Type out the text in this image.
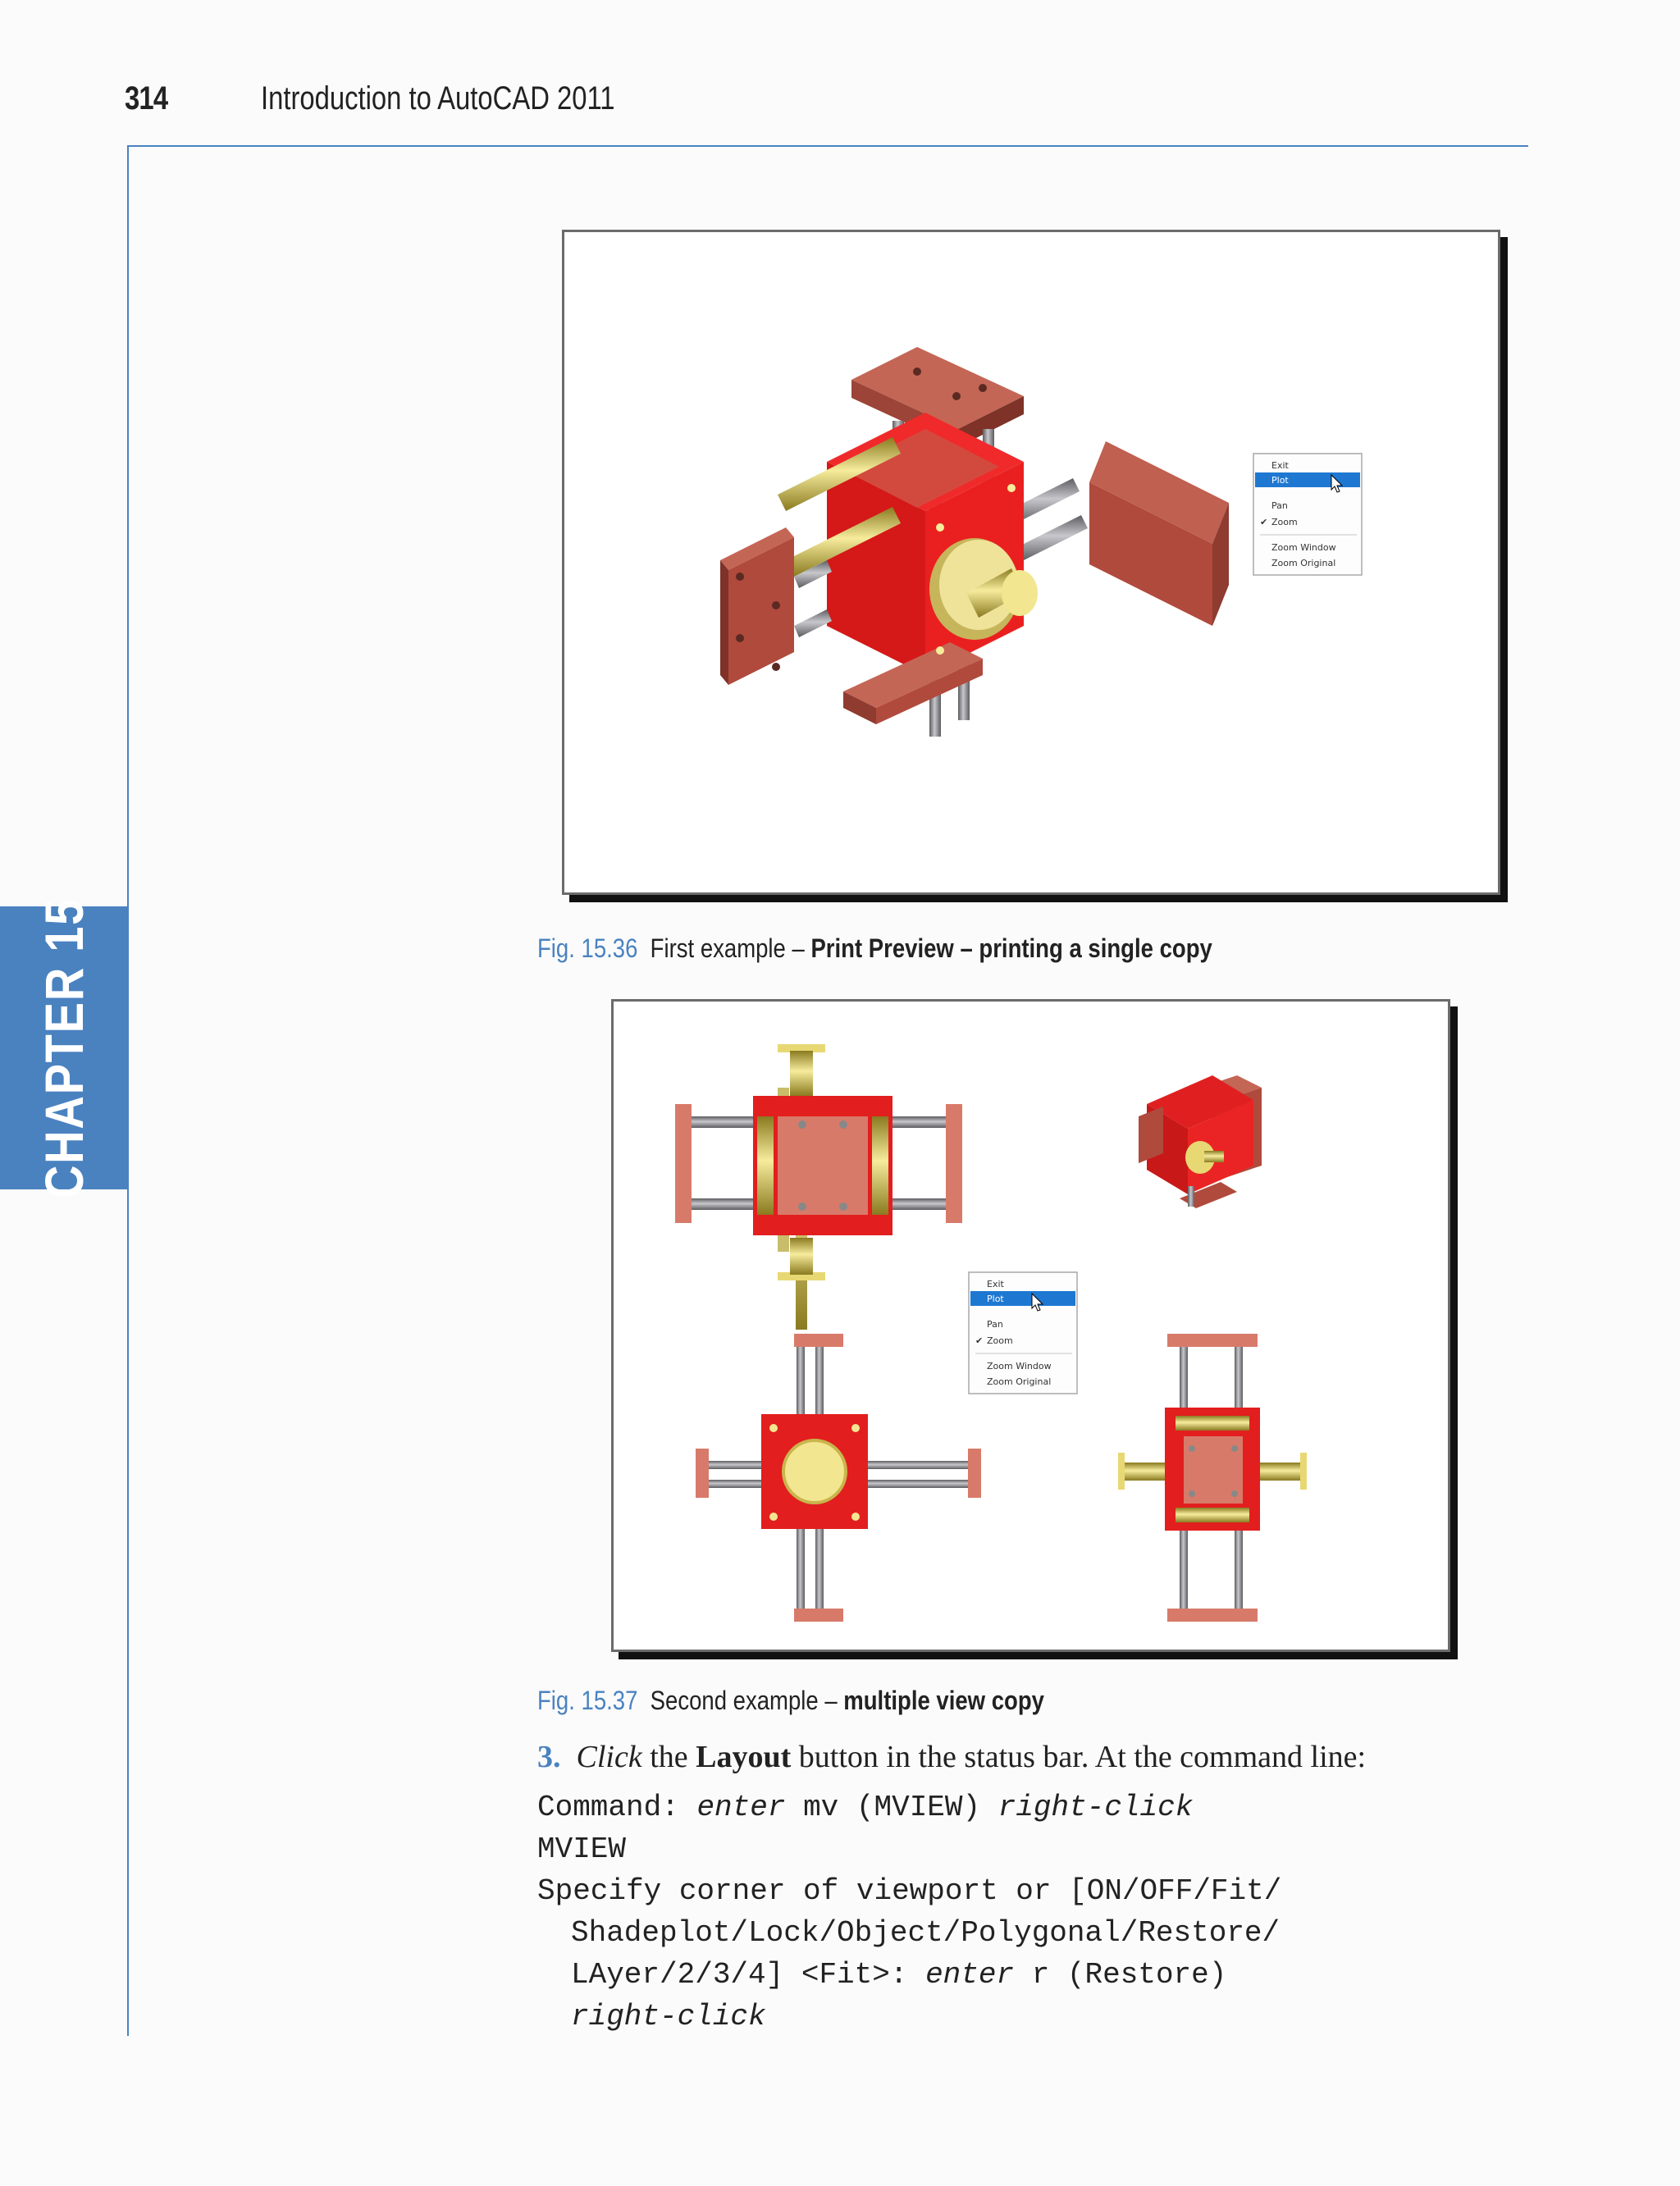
314	Introduction to AutoCAD 2011
CHAPTER 15
Exit
Plot
Pan
✔ Zoom
Zoom Window
Zoom Original
Fig. 15.36 First example – Print Preview – printing a single copy
Exit
Plot
Pan
✔ Zoom
Zoom Window
Zoom Original
Fig. 15.37 Second example – multiple view copy
3. Click the Layout button in the status bar. At the command line:
Command: enter mv (MVIEW) right-click
MVIEW
Specify corner of viewport or [ON/OFF/Fit/
Shadeplot/Lock/Object/Polygonal/Restore/
LAyer/2/3/4] <Fit>: enter r (Restore)
right-click
